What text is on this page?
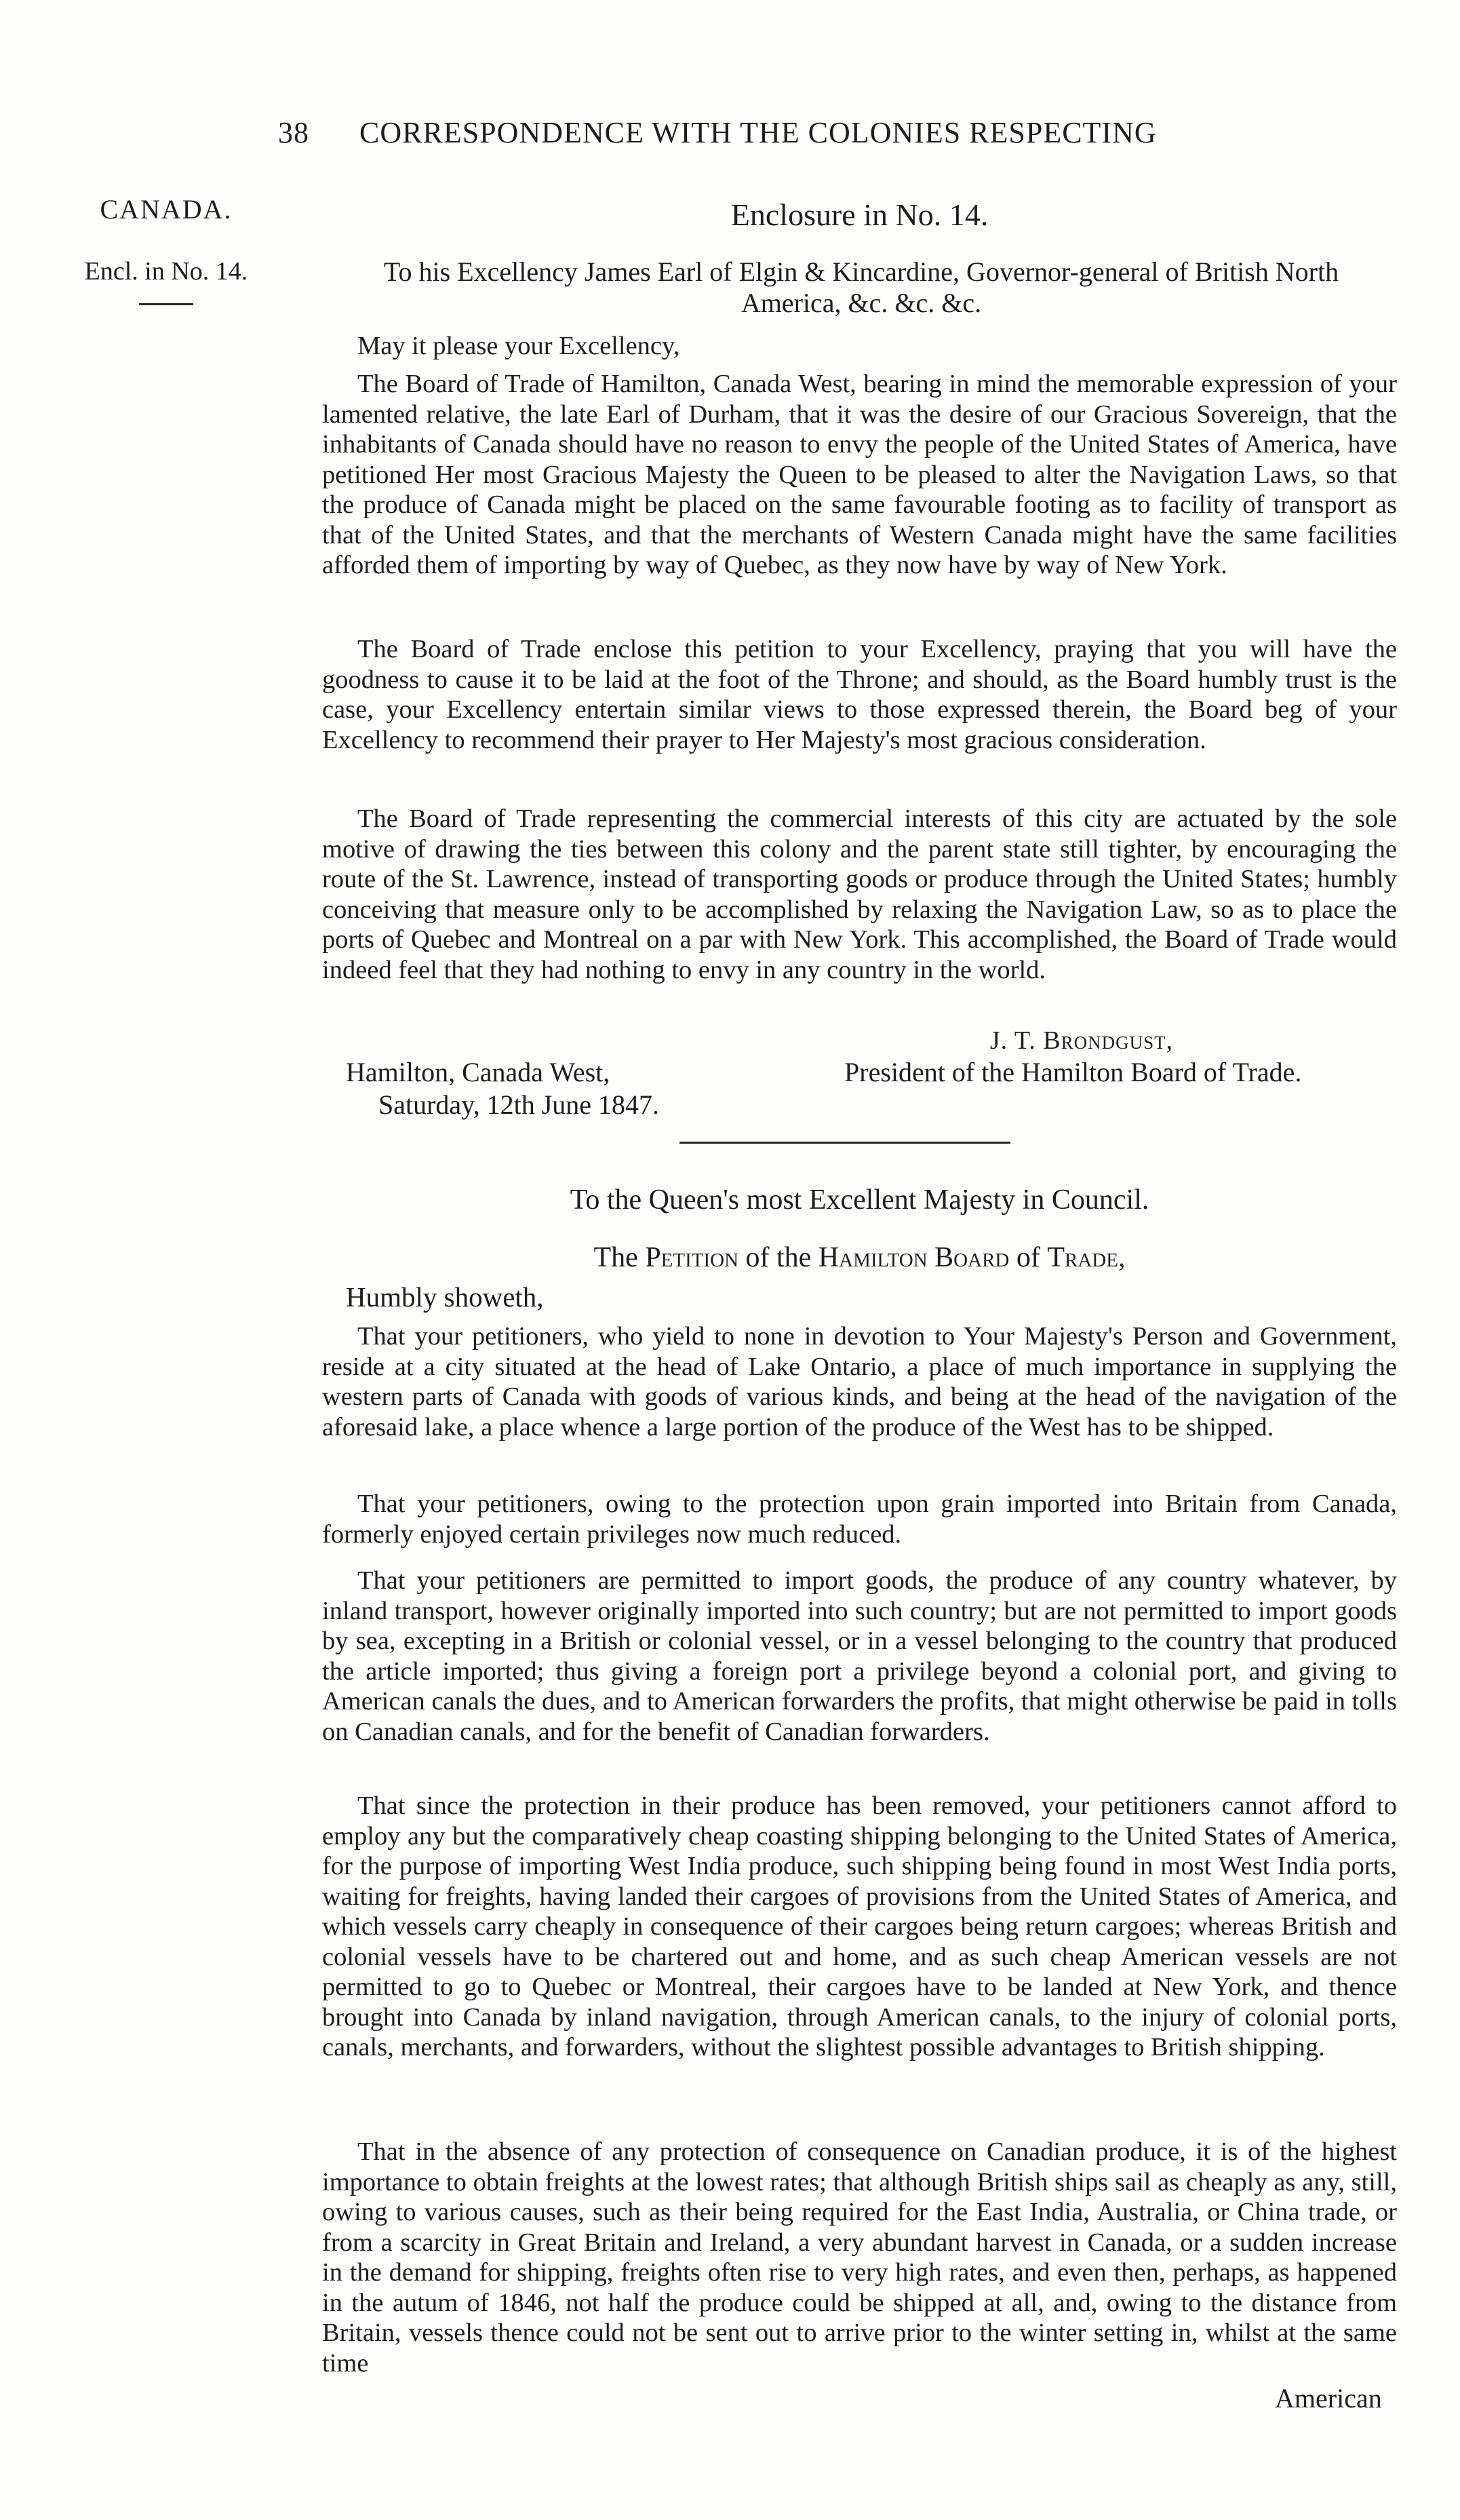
38 CORRESPONDENCE WITH THE COLONIES RESPECTING
CANADA.
Encl. in No. 14.
Enclosure in No. 14.
To his Excellency James Earl of Elgin & Kincardine, Governor-general of British North America, &c. &c. &c.

May it please your Excellency,

The Board of Trade of Hamilton, Canada West, bearing in mind the memorable expression of your lamented relative, the late Earl of Durham, that it was the desire of our Gracious Sovereign, that the inhabitants of Canada should have no reason to envy the people of the United States of America, have petitioned Her most Gracious Majesty the Queen to be pleased to alter the Navigation Laws, so that the produce of Canada might be placed on the same favourable footing as to facility of transport as that of the United States, and that the merchants of Western Canada might have the same facilities afforded them of importing by way of Quebec, as they now have by way of New York.

The Board of Trade enclose this petition to your Excellency, praying that you will have the goodness to cause it to be laid at the foot of the Throne; and should, as the Board humbly trust is the case, your Excellency entertain similar views to those expressed therein, the Board beg of your Excellency to recommend their prayer to Her Majesty's most gracious consideration.

The Board of Trade representing the commercial interests of this city are actuated by the sole motive of drawing the ties between this colony and the parent state still tighter, by encouraging the route of the St. Lawrence, instead of transporting goods or produce through the United States; humbly conceiving that measure only to be accomplished by relaxing the Navigation Law, so as to place the ports of Quebec and Montreal on a par with New York. This accomplished, the Board of Trade would indeed feel that they had nothing to envy in any country in the world.

J. T. Brondgust,
Hamilton, Canada West,
Saturday, 12th June 1847.
President of the Hamilton Board of Trade.
To the Queen's most Excellent Majesty in Council.
The Petition of the Hamilton Board of Trade,
Humbly showeth,

That your petitioners, who yield to none in devotion to Your Majesty's Person and Government, reside at a city situated at the head of Lake Ontario, a place of much importance in supplying the western parts of Canada with goods of various kinds, and being at the head of the navigation of the aforesaid lake, a place whence a large portion of the produce of the West has to be shipped.

That your petitioners, owing to the protection upon grain imported into Britain from Canada, formerly enjoyed certain privileges now much reduced.

That your petitioners are permitted to import goods, the produce of any country whatever, by inland transport, however originally imported into such country; but are not permitted to import goods by sea, excepting in a British or colonial vessel, or in a vessel belonging to the country that produced the article imported; thus giving a foreign port a privilege beyond a colonial port, and giving to American canals the dues, and to American forwarders the profits, that might otherwise be paid in tolls on Canadian canals, and for the benefit of Canadian forwarders.

That since the protection in their produce has been removed, your petitioners cannot afford to employ any but the comparatively cheap coasting shipping belonging to the United States of America, for the purpose of importing West India produce, such shipping being found in most West India ports, waiting for freights, having landed their cargoes of provisions from the United States of America, and which vessels carry cheaply in consequence of their cargoes being return cargoes; whereas British and colonial vessels have to be chartered out and home, and as such cheap American vessels are not permitted to go to Quebec or Montreal, their cargoes have to be landed at New York, and thence brought into Canada by inland navigation, through American canals, to the injury of colonial ports, canals, merchants, and forwarders, without the slightest possible advantages to British shipping.

That in the absence of any protection of consequence on Canadian produce, it is of the highest importance to obtain freights at the lowest rates; that although British ships sail as cheaply as any, still, owing to various causes, such as their being required for the East India, Australia, or China trade, or from a scarcity in Great Britain and Ireland, a very abundant harvest in Canada, or a sudden increase in the demand for shipping, freights often rise to very high rates, and even then, perhaps, as happened in the autum of 1846, not half the produce could be shipped at all, and, owing to the distance from Britain, vessels thence could not be sent out to arrive prior to the winter setting in, whilst at the same time

American
